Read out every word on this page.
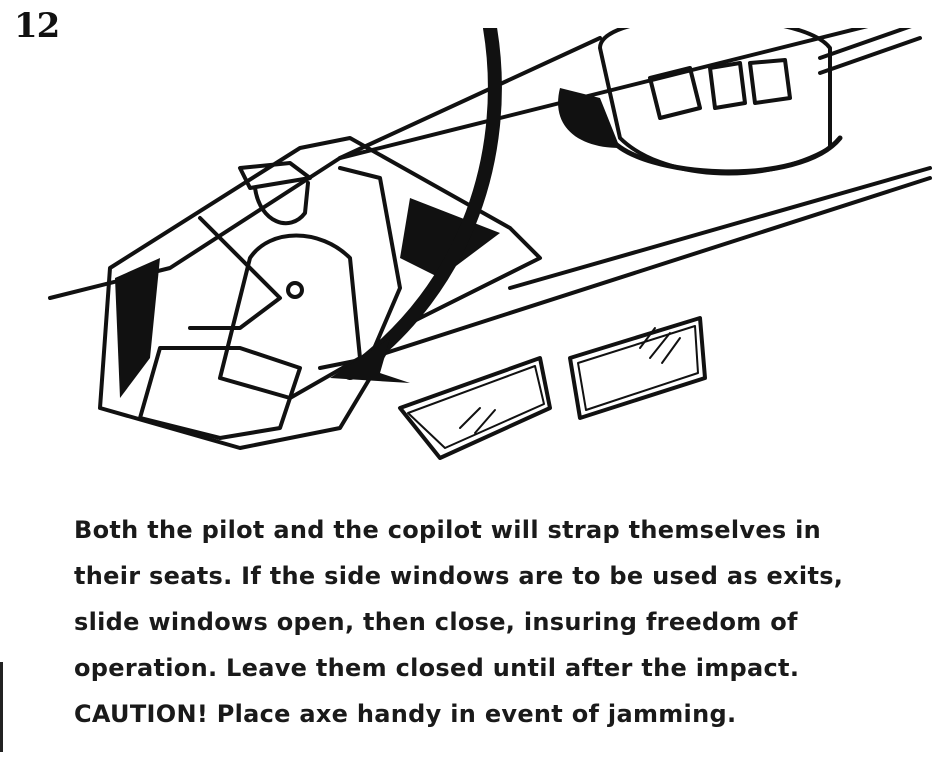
12
Both the pilot and the copilot will strap themselves in
their seats. If the side windows are to be used as exits,
slide windows open, then close, insuring freedom of
operation. Leave them closed until after the impact.
CAUTION! Place axe handy in event of jamming.
